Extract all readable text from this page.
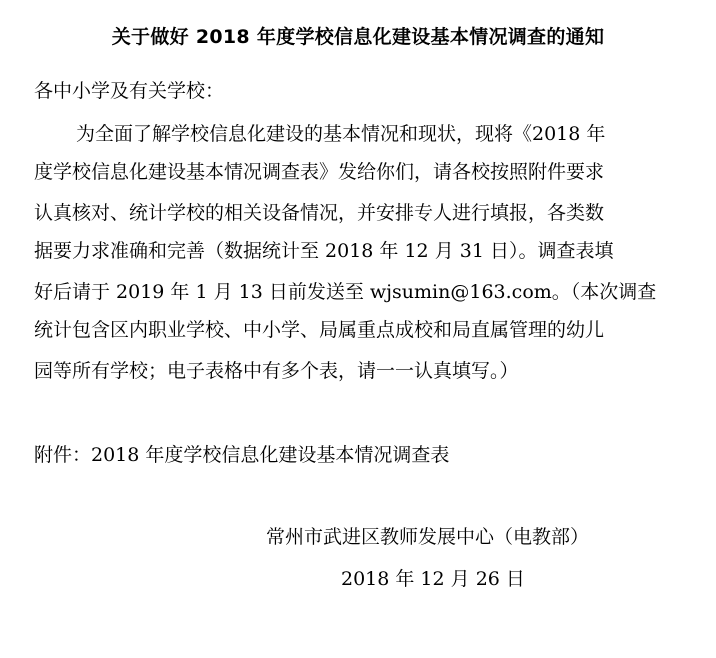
关于做好 2018 年度学校信息化建设基本情况调查的通知
各中小学及有关学校：
为全面了解学校信息化建设的基本情况和现状，现将《2018 年
度学校信息化建设基本情况调查表》发给你们，请各校按照附件要求
认真核对、统计学校的相关设备情况，并安排专人进行填报，各类数
据要力求准确和完善（数据统计至 2018 年 12 月 31 日）。调查表填
好后请于 2019 年 1 月 13 日前发送至 wjsumin@163.com。（本次调查
统计包含区内职业学校、中小学、局属重点成校和局直属管理的幼儿
园等所有学校；电子表格中有多个表，请一一认真填写。）
附件：2018 年度学校信息化建设基本情况调查表
常州市武进区教师发展中心（电教部）
2018 年 12 月 26 日
